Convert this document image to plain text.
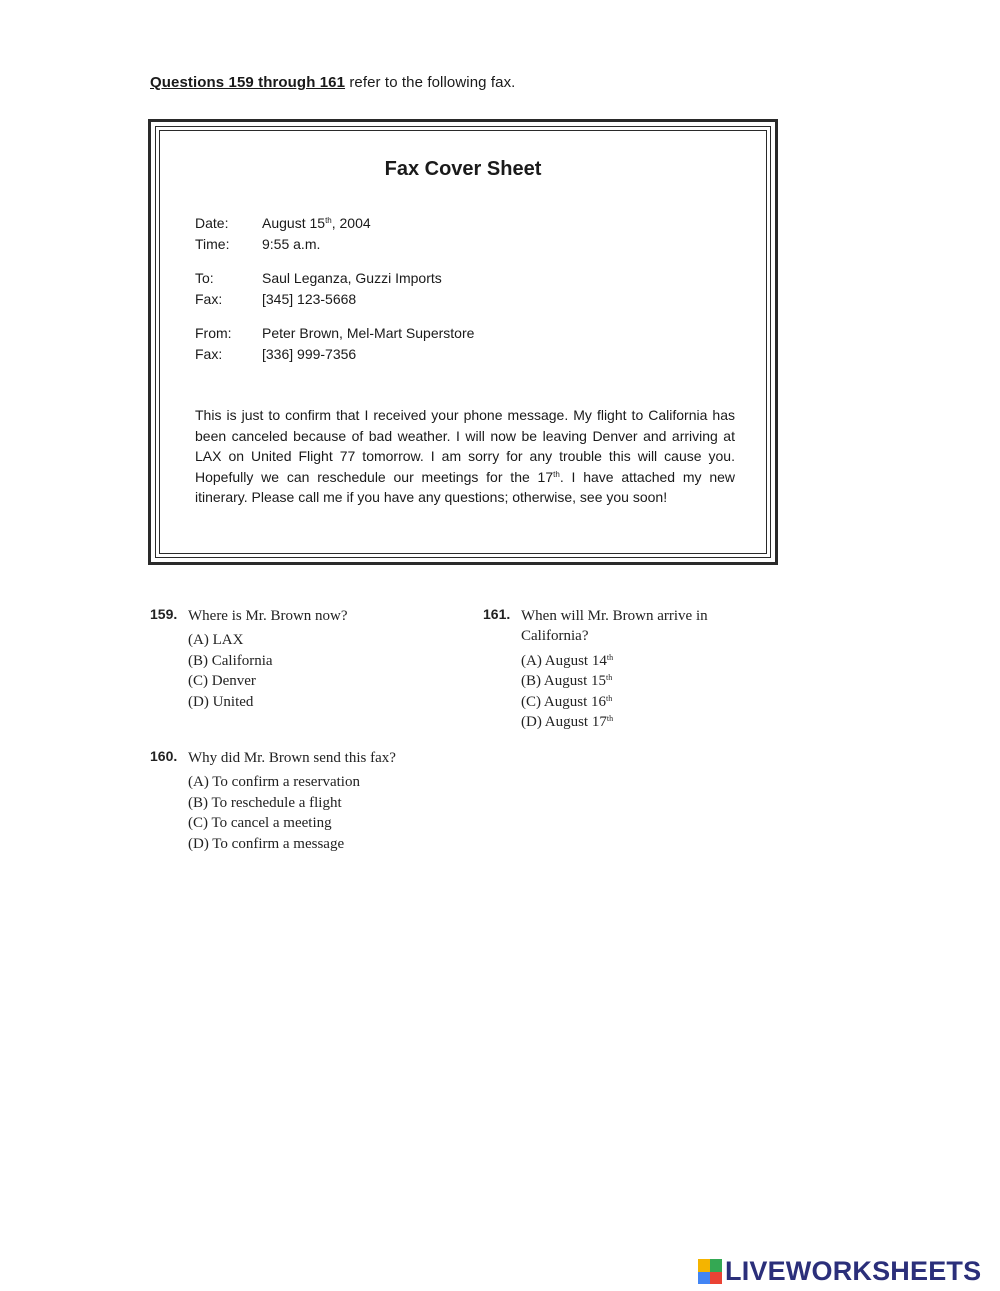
Questions 159 through 161 refer to the following fax.
Fax Cover Sheet
Date: August 15th, 2004
Time: 9:55 a.m.
To:	Saul Leganza, Guzzi Imports
Fax:	[345] 123-5668
From: Peter Brown, Mel-Mart Superstore
Fax:	[336] 999-7356
This is just to confirm that I received your phone message. My flight to California has been canceled because of bad weather. I will now be leaving Denver and arriving at LAX on United Flight 77 tomorrow. I am sorry for any trouble this will cause you. Hopefully we can reschedule our meetings for the 17th. I have attached my new itinerary. Please call me if you have any questions; otherwise, see you soon!
159. Where is Mr. Brown now?
(A) LAX
(B) California
(C) Denver
(D) United
160. Why did Mr. Brown send this fax?
(A) To confirm a reservation
(B) To reschedule a flight
(C) To cancel a meeting
(D) To confirm a message
161. When will Mr. Brown arrive in
California?
(A) August 14th
(B) August 15th
(C) August 16th
(D) August 17th
LIVEWORKSHEETS
